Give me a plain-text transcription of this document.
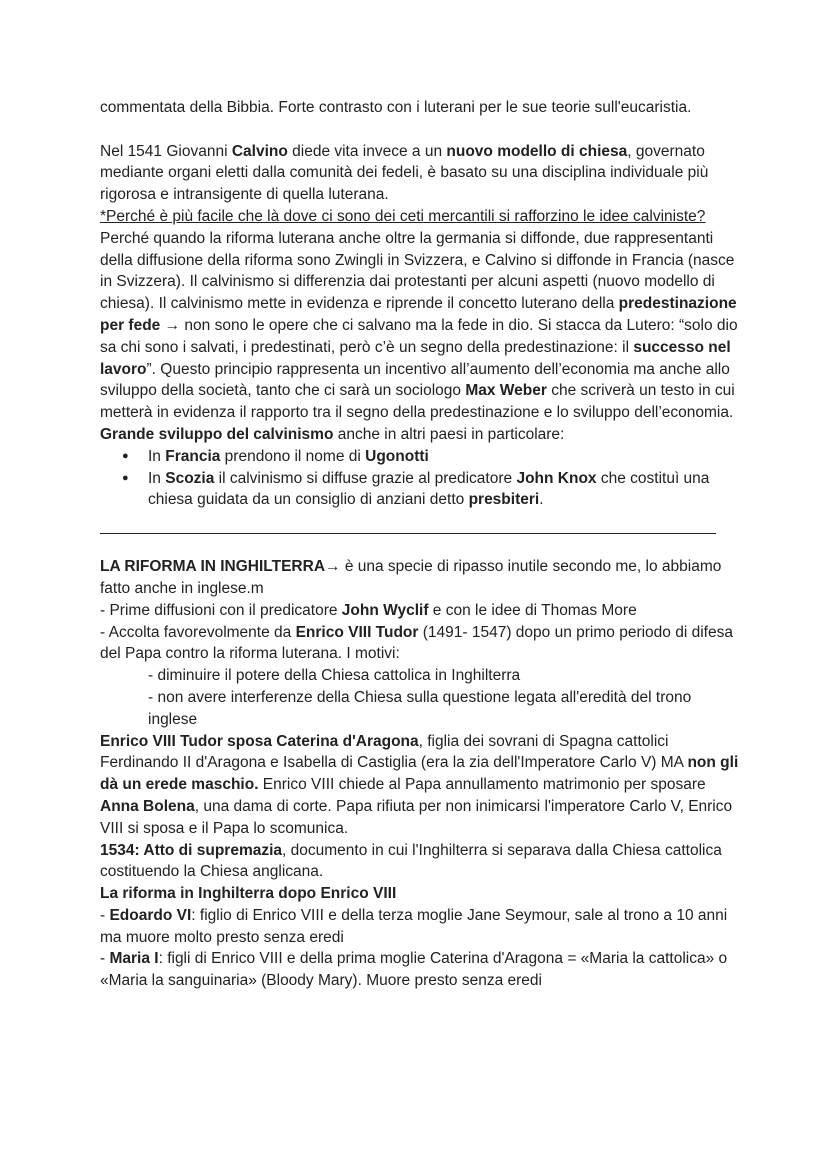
commentata della Bibbia. Forte contrasto con i luterani per le sue teorie sull'eucaristia.

Nel 1541 Giovanni Calvino diede vita invece a un nuovo modello di chiesa, governato mediante organi eletti dalla comunità dei fedeli, è basato su una disciplina individuale più rigorosa e intransigente di quella luterana.

*Perché è più facile che là dove ci sono dei ceti mercantili si rafforzino le idee calviniste? Perché quando la riforma luterana anche oltre la germania si diffonde, due rappresentanti della diffusione della riforma sono Zwingli in Svizzera, e Calvino si diffonde in Francia (nasce in Svizzera). Il calvinismo si differenzia dai protestanti per alcuni aspetti (nuovo modello di chiesa). Il calvinismo mette in evidenza e riprende il concetto luterano della predestinazione per fede → non sono le opere che ci salvano ma la fede in dio. Si stacca da Lutero: “solo dio sa chi sono i salvati, i predestinati, però c’è un segno della predestinazione: il successo nel lavoro”. Questo principio rappresenta un incentivo all’aumento dell’economia ma anche allo sviluppo della società, tanto che ci sarà un sociologo Max Weber che scriverà un testo in cui metterà in evidenza il rapporto tra il segno della predestinazione e lo sviluppo dell’economia.

Grande sviluppo del calvinismo anche in altri paesi in particolare:

● In Francia prendono il nome di Ugonotti
● In Scozia il calvinismo si diffuse grazie al predicatore John Knox che costituì una chiesa guidata da un consiglio di anziani detto presbiteri.

LA RIFORMA IN INGHILTERRA→ è una specie di ripasso inutile secondo me, lo abbiamo fatto anche in inglese.m

- Prime diffusioni con il predicatore John Wyclif e con le idee di Thomas More

- Accolta favorevolmente da Enrico VIII Tudor (1491- 1547) dopo un primo periodo di difesa del Papa contro la riforma luterana. I motivi:

- diminuire il potere della Chiesa cattolica in Inghilterra

- non avere interferenze della Chiesa sulla questione legata all'eredità del trono inglese

Enrico VIII Tudor sposa Caterina d'Aragona, figlia dei sovrani di Spagna cattolici Ferdinando II d'Aragona e Isabella di Castiglia (era la zia dell'Imperatore Carlo V) MA non gli dà un erede maschio. Enrico VIII chiede al Papa annullamento matrimonio per sposare Anna Bolena, una dama di corte. Papa rifiuta per non inimicarsi l'imperatore Carlo V, Enrico VIII si sposa e il Papa lo scomunica.

1534: Atto di supremazia, documento in cui l'Inghilterra si separava dalla Chiesa cattolica costituendo la Chiesa anglicana.

La riforma in Inghilterra dopo Enrico VIII

- Edoardo VI: figlio di Enrico VIII e della terza moglie Jane Seymour, sale al trono a 10 anni ma muore molto presto senza eredi

- Maria I: figli di Enrico VIII e della prima moglie Caterina d'Aragona = «Maria la cattolica» o «Maria la sanguinaria» (Bloody Mary). Muore presto senza eredi
